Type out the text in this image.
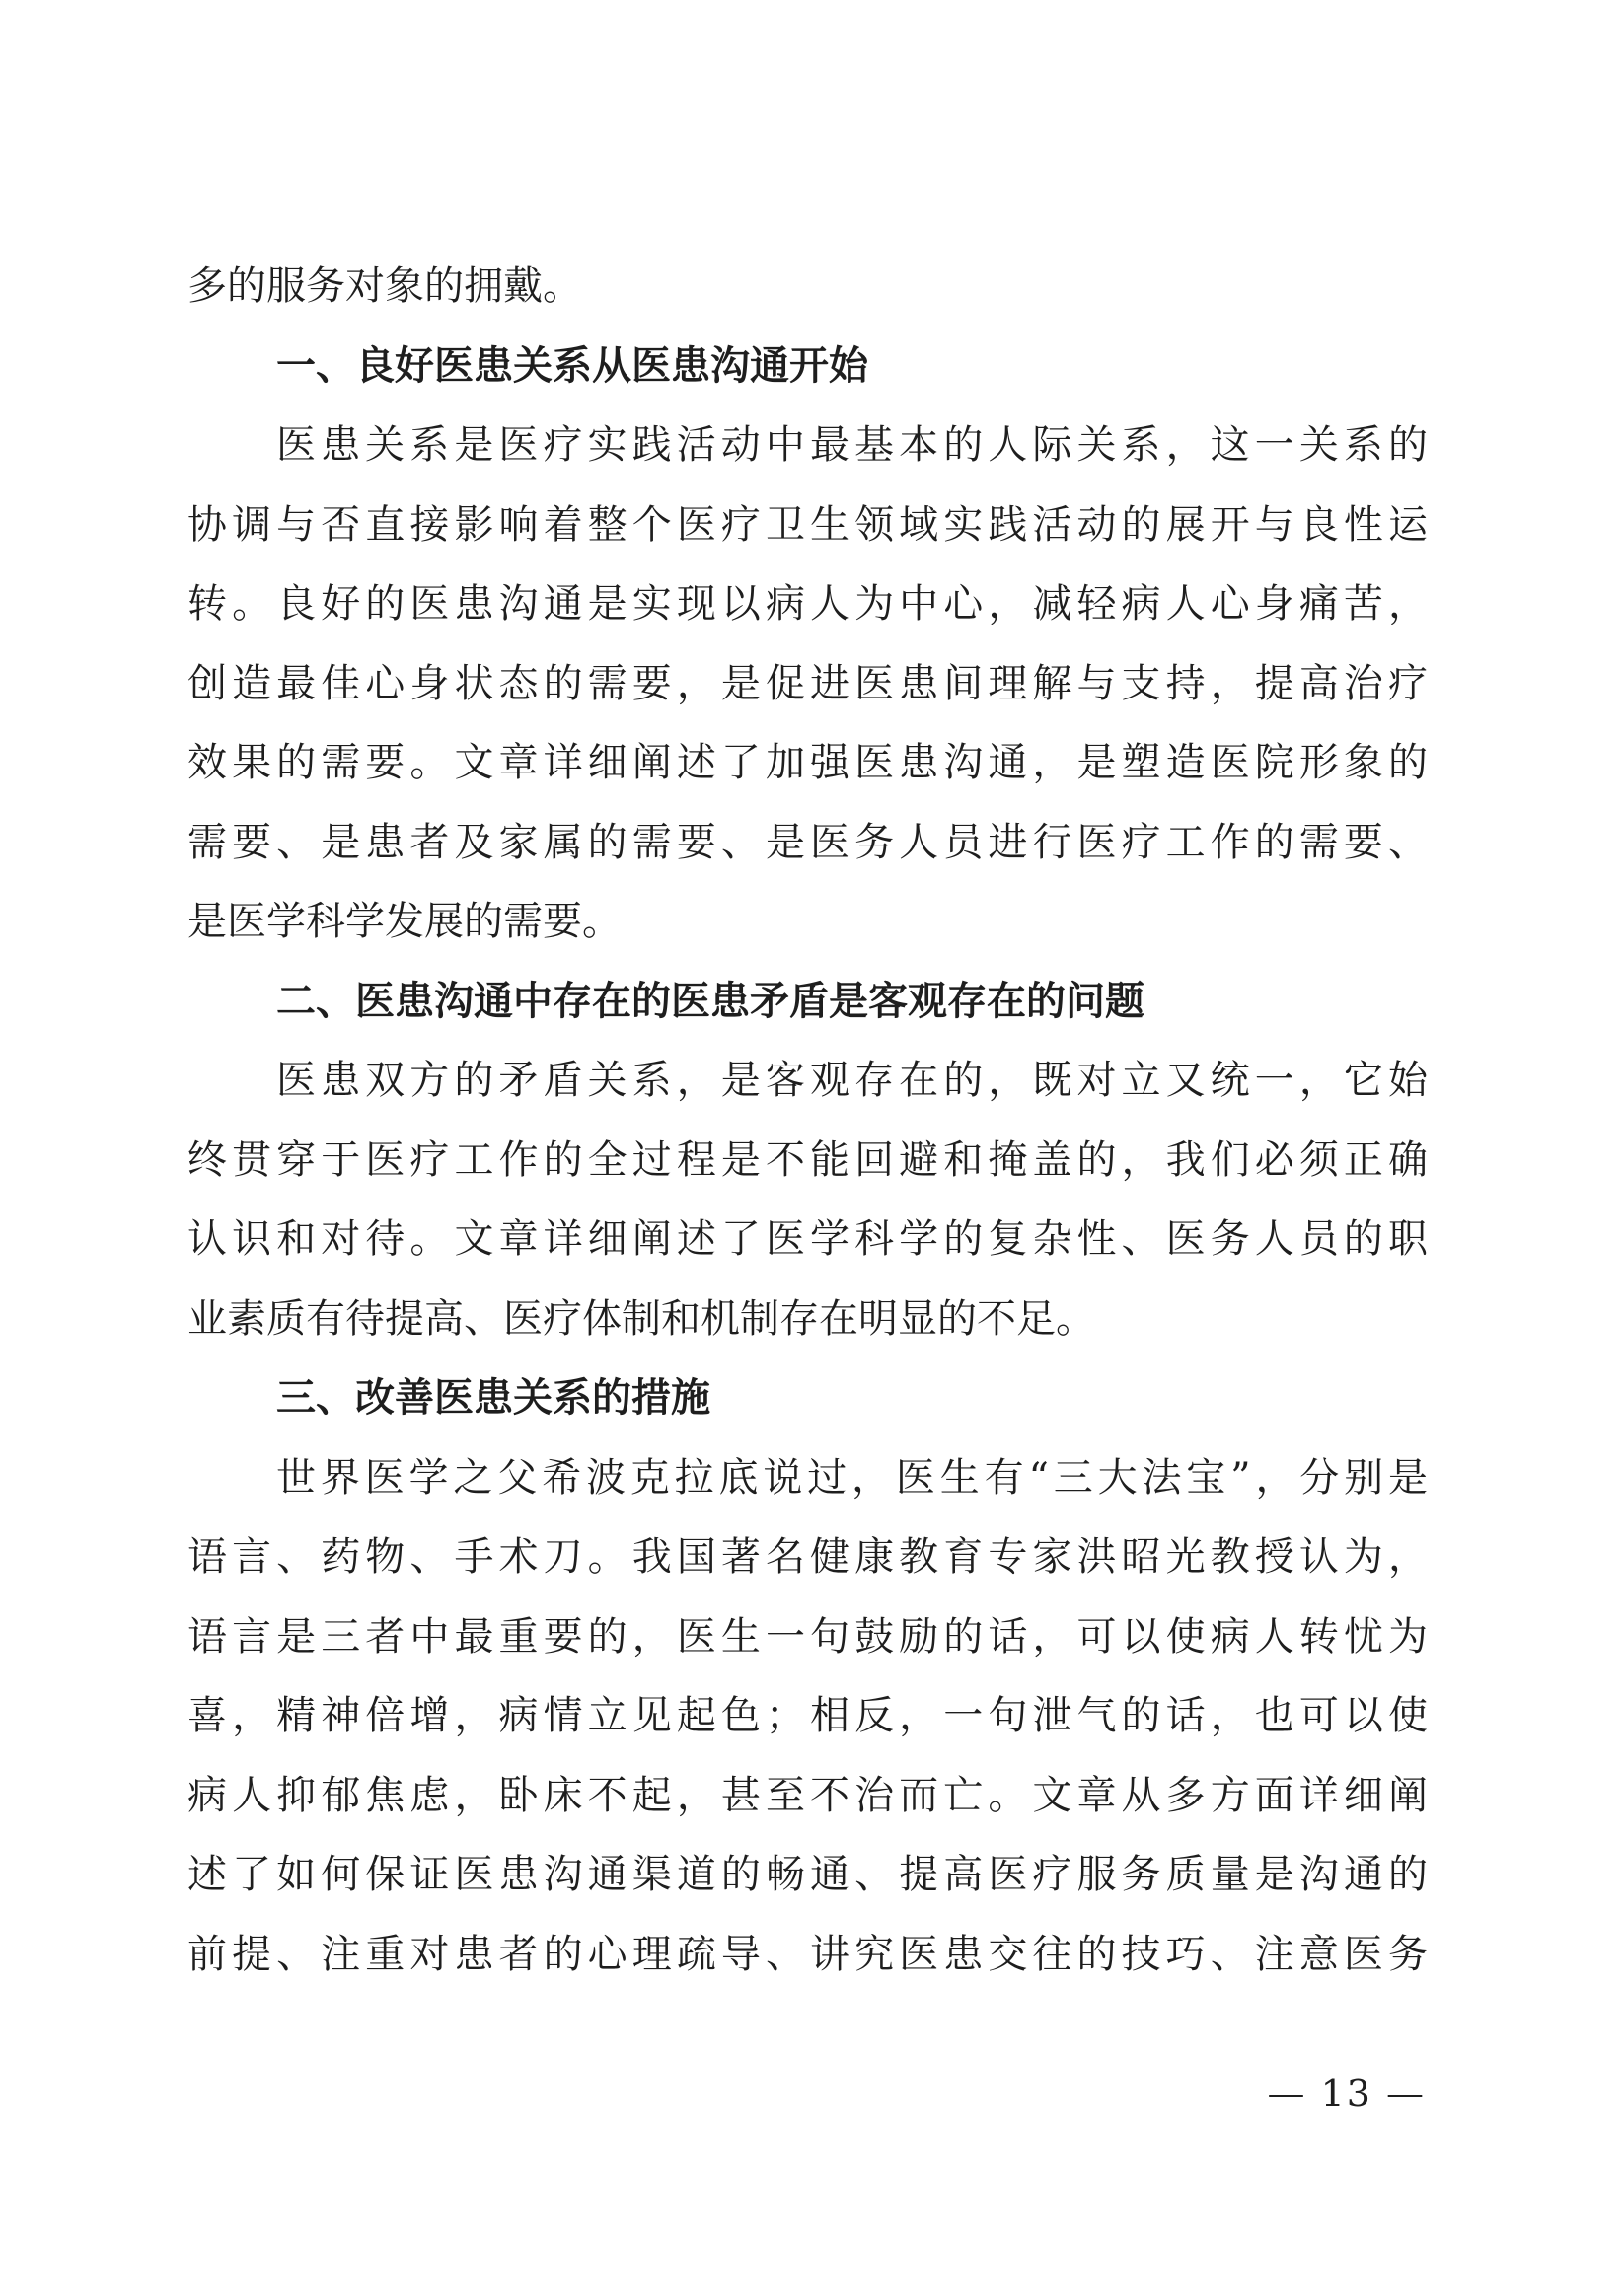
多的服务对象的拥戴。
一、良好医患关系从医患沟通开始
医患关系是医疗实践活动中最基本的人际关系，这一关系的
协调与否直接影响着整个医疗卫生领域实践活动的展开与良性运
转。良好的医患沟通是实现以病人为中心，减轻病人心身痛苦，
创造最佳心身状态的需要，是促进医患间理解与支持，提高治疗
效果的需要。文章详细阐述了加强医患沟通，是塑造医院形象的
需要、是患者及家属的需要、是医务人员进行医疗工作的需要、
是医学科学发展的需要。
二、医患沟通中存在的医患矛盾是客观存在的问题
医患双方的矛盾关系，是客观存在的，既对立又统一，它始
终贯穿于医疗工作的全过程是不能回避和掩盖的，我们必须正确
认识和对待。文章详细阐述了医学科学的复杂性、医务人员的职
业素质有待提高、医疗体制和机制存在明显的不足。
三、改善医患关系的措施
世界医学之父希波克拉底说过，医生有“三大法宝”，分别是
语言、药物、手术刀。我国著名健康教育专家洪昭光教授认为，
语言是三者中最重要的，医生一句鼓励的话，可以使病人转忧为
喜，精神倍增，病情立见起色；相反，一句泄气的话，也可以使
病人抑郁焦虑，卧床不起，甚至不治而亡。文章从多方面详细阐
述了如何保证医患沟通渠道的畅通、提高医疗服务质量是沟通的
前提、注重对患者的心理疏导、讲究医患交往的技巧、注意医务
— 13 —
